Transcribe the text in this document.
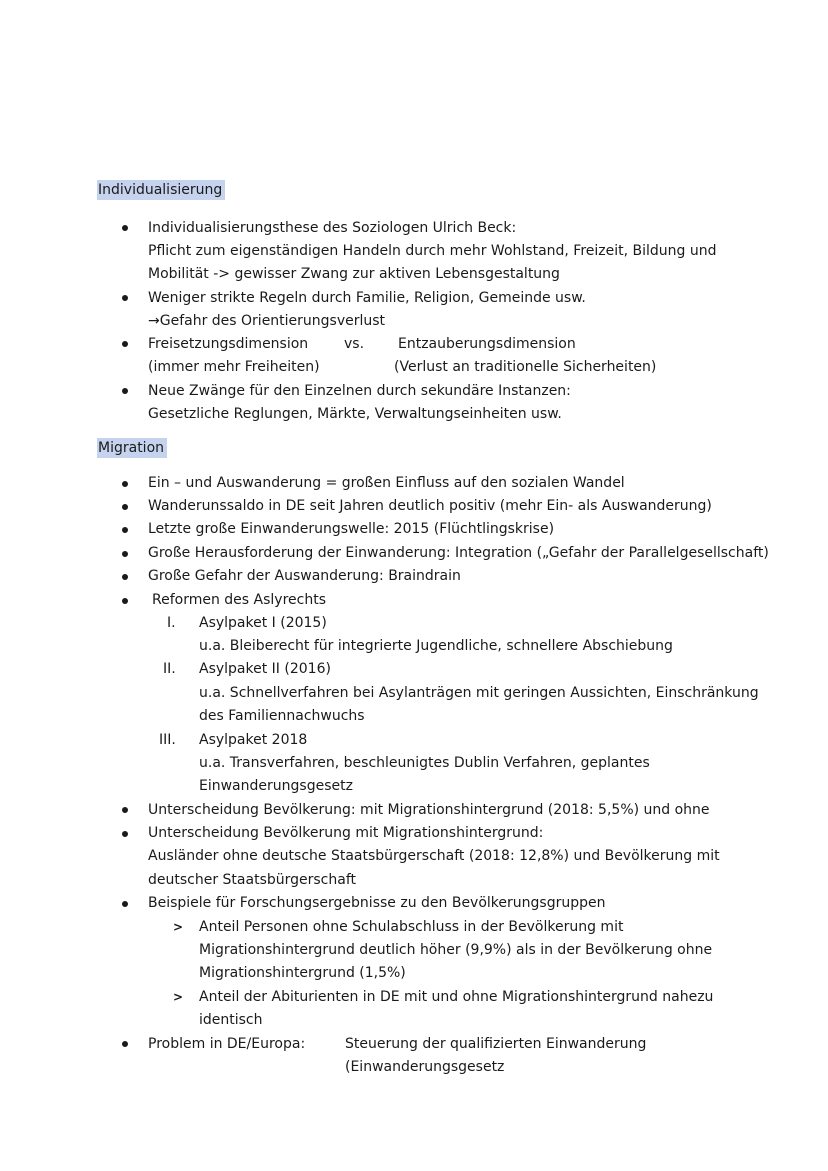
Individualisierung
Individualisierungsthese des Soziologen Ulrich Beck:
Pflicht zum eigenständigen Handeln durch mehr Wohlstand, Freizeit, Bildung und
Mobilität -> gewisser Zwang zur aktiven Lebensgestaltung
Weniger strikte Regeln durch Familie, Religion, Gemeinde usw.
→Gefahr des Orientierungsverlust
Freisetzungsdimension	vs. Entzauberungsdimension
(immer mehr Freiheiten)	(Verlust an traditionelle Sicherheiten)
Neue Zwänge für den Einzelnen durch sekundäre Instanzen:
Gesetzliche Reglungen, Märkte, Verwaltungseinheiten usw.
Migration
Ein – und Auswanderung = großen Einfluss auf den sozialen Wandel
Wanderunssaldo in DE seit Jahren deutlich positiv (mehr Ein- als Auswanderung)
Letzte große Einwanderungswelle: 2015 (Flüchtlingskrise)
Große Herausforderung der Einwanderung: Integration („Gefahr der Parallelgesellschaft)
Große Gefahr der Auswanderung: Braindrain
Reformen des Aslyrechts
I. Asylpaket I (2015)
u.a. Bleiberecht für integrierte Jugendliche, schnellere Abschiebung
II. Asylpaket II (2016)
u.a. Schnellverfahren bei Asylanträgen mit geringen Aussichten, Einschränkung
des Familiennachwuchs
III. Asylpaket 2018
u.a. Transverfahren, beschleunigtes Dublin Verfahren, geplantes
Einwanderungsgesetz
Unterscheidung Bevölkerung: mit Migrationshintergrund (2018: 5,5%) und ohne
Unterscheidung Bevölkerung mit Migrationshintergrund:
Ausländer ohne deutsche Staatsbürgerschaft (2018: 12,8%) und Bevölkerung mit
deutscher Staatsbürgerschaft
Beispiele für Forschungsergebnisse zu den Bevölkerungsgruppen
> Anteil Personen ohne Schulabschluss in der Bevölkerung mit
Migrationshintergrund deutlich höher (9,9%) als in der Bevölkerung ohne
Migrationshintergrund (1,5%)
> Anteil der Abiturienten in DE mit und ohne Migrationshintergrund nahezu
identisch
Problem in DE/Europa:	Steuerung der qualifizierten Einwanderung
(Einwanderungsgesetz
